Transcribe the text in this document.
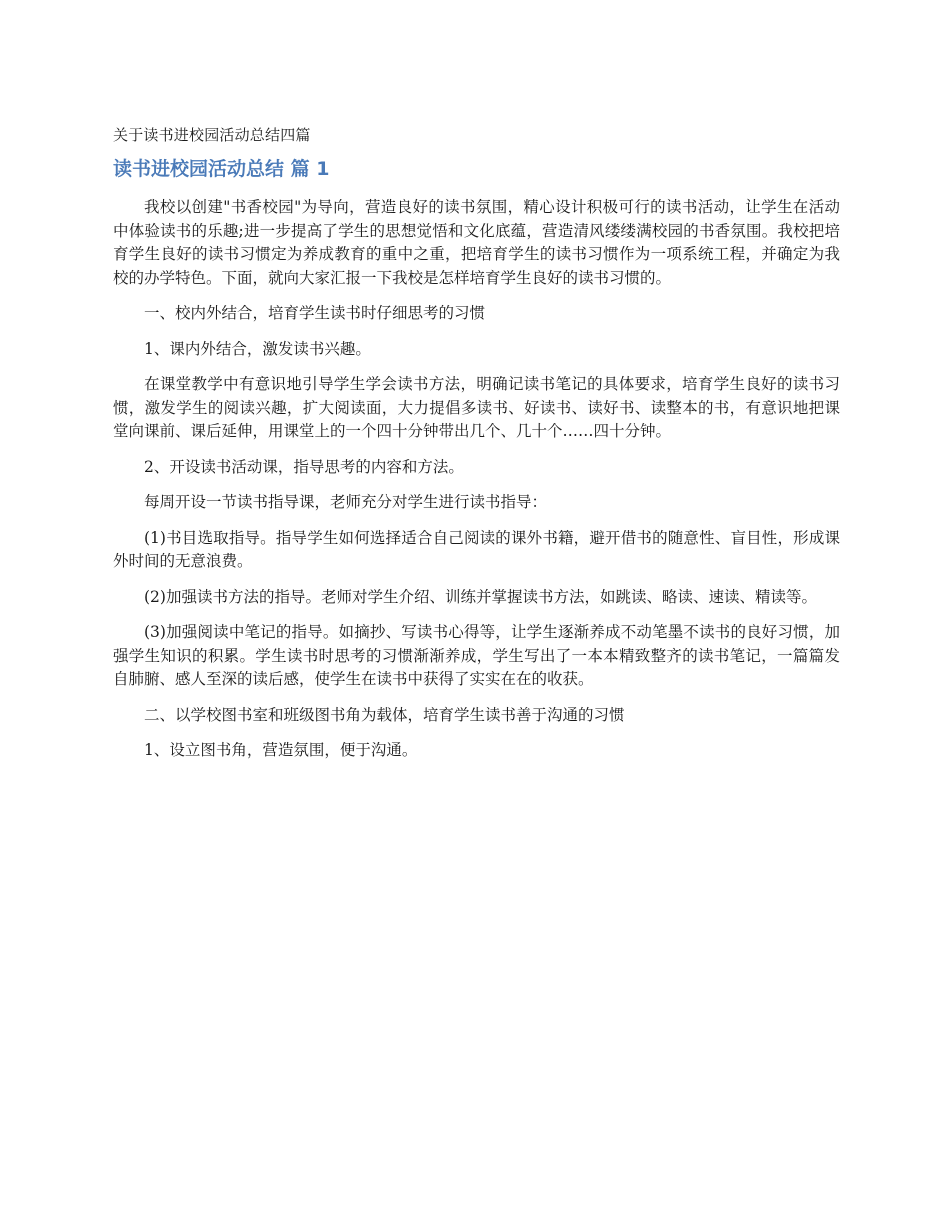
关于读书进校园活动总结四篇
读书进校园活动总结 篇 1

我校以创建"书香校园"为导向，营造良好的读书氛围，精心设计积极可行的读书活动，让学生在活动中体验读书的乐趣;进一步提高了学生的思想觉悟和文化底蕴，营造清风缕缕满校园的书香氛围。我校把培育学生良好的读书习惯定为养成教育的重中之重，把培育学生的读书习惯作为一项系统工程，并确定为我校的办学特色。下面，就向大家汇报一下我校是怎样培育学生良好的读书习惯的。

一、校内外结合，培育学生读书时仔细思考的习惯

1、课内外结合，激发读书兴趣。

在课堂教学中有意识地引导学生学会读书方法，明确记读书笔记的具体要求，培育学生良好的读书习惯，激发学生的阅读兴趣，扩大阅读面，大力提倡多读书、好读书、读好书、读整本的书，有意识地把课堂向课前、课后延伸，用课堂上的一个四十分钟带出几个、几十个……四十分钟。

2、开设读书活动课，指导思考的内容和方法。

每周开设一节读书指导课，老师充分对学生进行读书指导：

(1)书目选取指导。指导学生如何选择适合自己阅读的课外书籍，避开借书的随意性、盲目性，形成课外时间的无意浪费。

(2)加强读书方法的指导。老师对学生介绍、训练并掌握读书方法，如跳读、略读、速读、精读等。

(3)加强阅读中笔记的指导。如摘抄、写读书心得等，让学生逐渐养成不动笔墨不读书的良好习惯，加强学生知识的积累。学生读书时思考的习惯渐渐养成，学生写出了一本本精致整齐的读书笔记，一篇篇发自肺腑、感人至深的读后感，使学生在读书中获得了实实在在的收获。

二、以学校图书室和班级图书角为载体，培育学生读书善于沟通的习惯

1、设立图书角，营造氛围，便于沟通。
